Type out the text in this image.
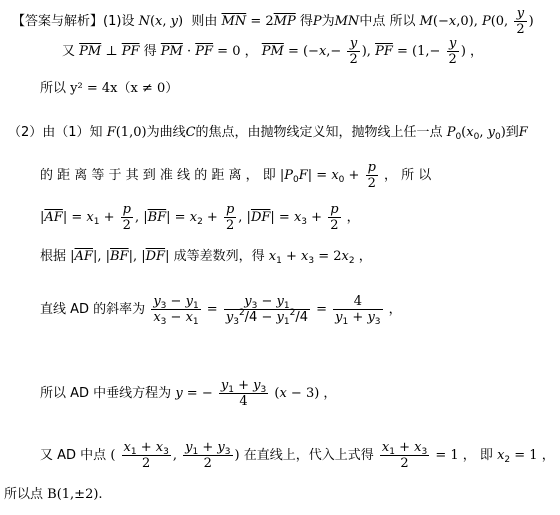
【答案与解析】(1)设 N(x, y) 则由 $\overline{MN} = 2\overline{MP}$ 得P为MN中点 所以 M(−x,0), P(0, $\frac{y}{2}$ )
又 $\overline{PM}$ ⊥ $\overline{PF}$ 得 $\overline{PM} \cdot \overline{PF} = 0$ ， $\overline{PM} = (-x,- \frac{y}{2}$ ), $\overline{PF} = (1,- \frac{y}{2}$ ) ，
所以 y² = 4x（x ≠ 0）
（2）由（1）知 F(1,0)为曲线C的焦点，由抛物线定义知，抛物线上任一点 $P_0(x_0$, $y_0$)到F
的 距 离 等 于 其 到 准 线 的 距 离 ， 即 $|P_0F| = x_0 + \frac{p}{2}$ ， 所 以
$|\overline{AF}| = x_1 + \frac{p}{2}$ , $|\overline{BF}| = x_2 + \frac{p}{2}$ , $|\overline{DF}| = x_3 + \frac{p}{2}$ ，
根据 $|\overline{AF}|$, $|\overline{BF}|$, $|\overline{DF}|$ 成等差数列，得 $x_1 + x_3 = 2x_2$ ，
直线 AD 的斜率为 $\frac{y_3 - y_1}{x_3 - x_1} = \frac{y_3 - y_1}{y_3^2/4 - y_1^2/4} = \frac{4}{y_1 + y_3}$ ，
所以 AD 中垂线方程为 y = − $\frac{y_1 + y_3}{4} (x - 3)$ ，
又 AD 中点 ( $\frac{x_1 + x_3}{2}$ , $\frac{y_1 + y_3}{2}$ ) 在直线上，代入上式得 $\frac{x_1 + x_3}{2} = 1$ ， 即 $x_2 = 1$ ，
所以点 B(1,±2).
